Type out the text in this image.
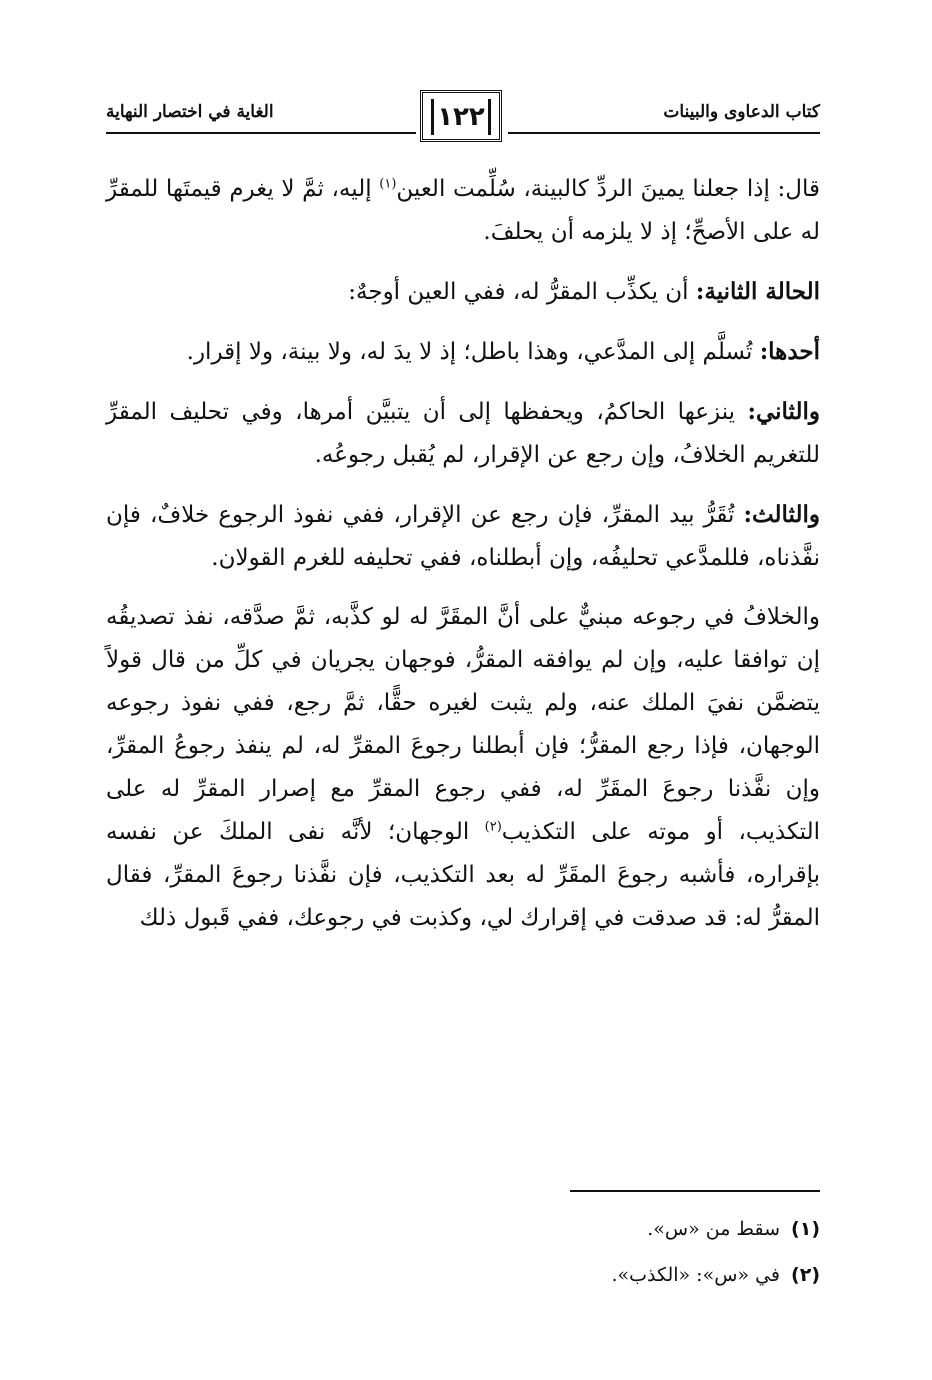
كتاب الدعاوى والبينات
الغاية في اختصار النهاية	١٢٢

قال: إذا جعلنا يمينَ الردِّ كالبينة، سُلِّمت العين$^{(١)}$ إليه، ثمَّ لا يغرم قيمتَها للمقرِّ له على الأصحِّ؛ إذ لا يلزمه أن يحلفَ.

الحالة الثانية: أن يكذِّب المقرُّ له، ففي العين أوجهٌ:

أحدها: تُسلَّم إلى المدَّعي، وهذا باطل؛ إذ لا يدَ له، ولا بينة، ولا إقرار.

والثاني: ينزعها الحاكمُ، ويحفظها إلى أن يتبيَّن أمرها، وفي تحليف المقرِّ للتغريم الخلافُ، وإن رجع عن الإقرار، لم يُقبل رجوعُه.

والثالث: تُقَرُّ بيد المقرِّ، فإن رجع عن الإقرار، ففي نفوذ الرجوع خلافٌ، فإن نفَّذناه، فللمدَّعي تحليفُه، وإن أبطلناه، ففي تحليفه للغرم القولان.

والخلافُ في رجوعه مبنيٌّ على أنَّ المقَرَّ له لو كذَّبه، ثمَّ صدَّقه، نفذ تصديقُه إن توافقا عليه، وإن لم يوافقه المقرُّ، فوجهان يجريان في كلِّ من قال قولاً يتضمَّن نفيَ الملك عنه، ولم يثبت لغيره حقًّا، ثمَّ رجع، ففي نفوذ رجوعه الوجهان، فإذا رجع المقرُّ؛ فإن أبطلنا رجوعَ المقرِّ له، لم ينفذ رجوعُ المقرِّ، وإن نفَّذنا رجوعَ المقَرِّ له، ففي رجوع المقرِّ مع إصرار المقرِّ له على التكذيب، أو موته على التكذيب$^{(٢)}$ الوجهان؛ لأنَّه نفى الملكَ عن نفسه بإقراره، فأشبه رجوعَ المقَرِّ له بعد التكذيب، فإن نفَّذنا رجوعَ المقرِّ، فقال المقرُّ له: قد صدقت في إقرارك لي، وكذبت في رجوعك، ففي قَبول ذلك

(١)سقط من «س».
(٢)في «س»: «الكذب».
